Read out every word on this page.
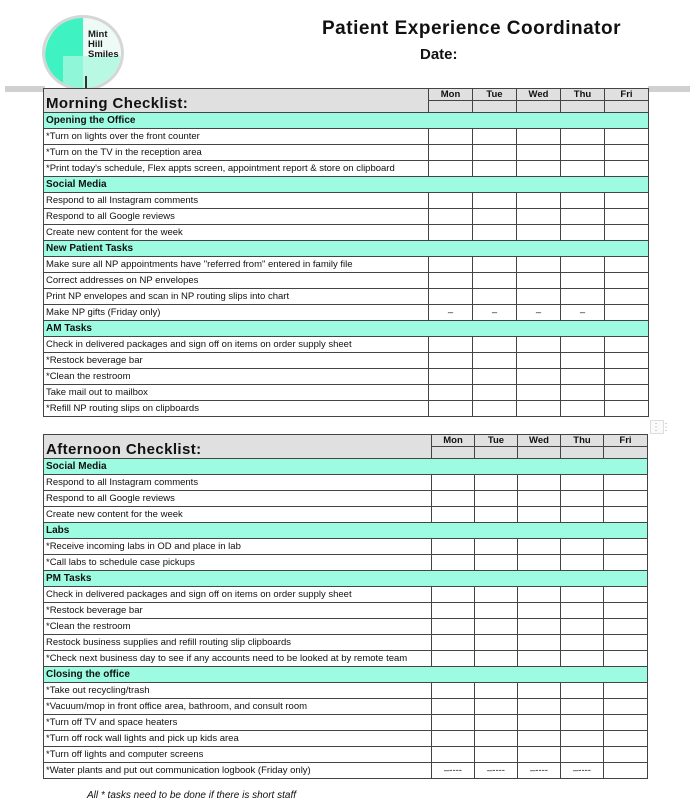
Mint
Hill
Smiles
Patient Experience Coordinator
Date:
Morning Checklist:	Mon	Tue	Wed	Thu	Fri

Opening the Office					
*Turn on lights over the front counter					
*Turn on the TV in the reception area					
*Print today's schedule, Flex appts screen, appointment report & store on clipboard					
Social Media					
Respond to all Instagram comments					
Respond to all Google reviews					
Create new content for the week					
New Patient Tasks					
Make sure all NP appointments have "referred from" entered in family file					
Correct addresses on NP envelopes					
Print NP envelopes and scan in NP routing slips into chart					
Make NP gifts (Friday only)	–	–	–	–	
AM Tasks					
Check in delivered packages and sign off on items on order supply sheet					
*Restock beverage bar					
*Clean the restroom					
Take mail out to mailbox					
*Refill NP routing slips on clipboards					
Afternoon Checklist:	Mon	Tue	Wed	Thu	Fri

Social Media					
Respond to all Instagram comments					
Respond to all Google reviews					
Create new content for the week					
Labs					
*Receive incoming labs in OD and place in lab					
*Call labs to schedule case pickups					
PM Tasks					
Check in delivered packages and sign off on items on order supply sheet					
*Restock beverage bar					
*Clean the restroom					
Restock business supplies and refill routing slip clipboards					
*Check next business day to see if any accounts need to be looked at by remote team					
Closing the office					
*Take out recycling/trash					
*Vacuum/mop in front office area, bathroom, and consult room					
*Turn off TV and space heaters					
*Turn off rock wall lights and pick up kids area					
*Turn off lights and computer screens					
*Water plants and put out communication logbook (Friday only)	–----	–----	–----	–----	
⋮⋮
All * tasks need to be done if there is short staff
